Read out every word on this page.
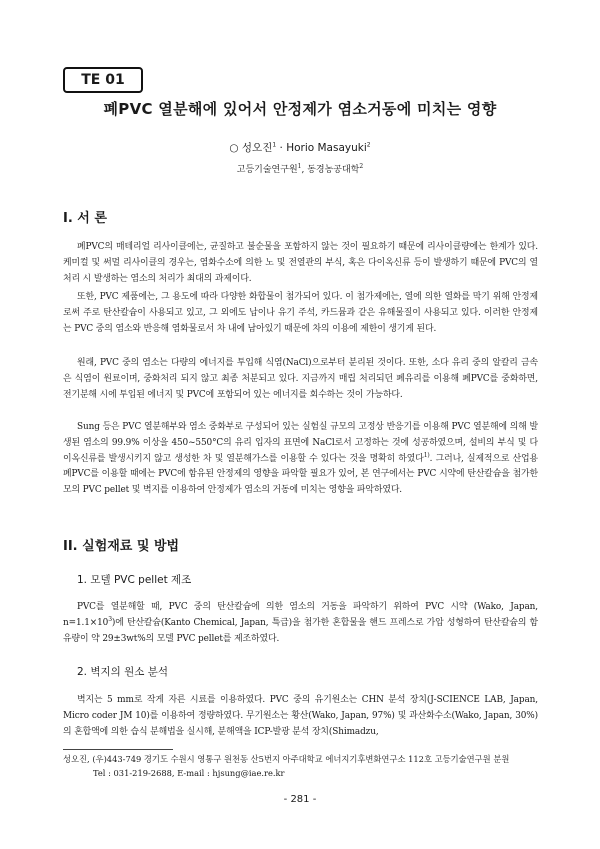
TE 01
폐PVC 열분해에 있어서 안정제가 염소거동에 미치는 영향
○ 성오진$^1$ · Horio Masayuki$^2$
고등기술연구원$^1$, 동경농공대학$^2$
I. 서 론
폐PVC의 매테리얼 리사이클에는, 균질하고 불순물을 포함하지 않는 것이 필요하기 때문에 리사이클량에는 한계가 있다. 케미컬 및 써멀 리사이클의 경우는, 염화수소에 의한 노 및 전열관의 부식, 혹은 다이옥신류 등이 발생하기 때문에 PVC의 열처리 시 발생하는 염소의 처리가 최대의 과제이다.
또한, PVC 제품에는, 그 용도에 따라 다양한 화합물이 첨가되어 있다. 이 첨가제에는, 열에 의한 열화를 막기 위해 안정제로써 주로 탄산칼슘이 사용되고 있고, 그 외에도 납이나 유기 주석, 카드뮴과 같은 유해물질이 사용되고 있다. 이러한 안정제는 PVC 중의 염소와 반응해 염화물로서 차 내에 남아있기 때문에 차의 이용에 제한이 생기게 된다.
원래, PVC 중의 염소는 다량의 에너지를 투입해 식염(NaCl)으로부터 분리된 것이다. 또한, 소다 유리 중의 알칼리 금속은 식염이 원료이며, 중화처리 되지 않고 최종 처분되고 있다. 지금까지 매립 처리되던 폐유리를 이용해 폐PVC를 중화하면, 전기분해 시에 투입된 에너지 및 PVC에 포함되어 있는 에너지를 회수하는 것이 가능하다.
Sung 등은 PVC 열분해부와 염소 중화부로 구성되어 있는 실험실 규모의 고정상 반응기를 이용해 PVC 열분해에 의해 발생된 염소의 99.9% 이상을 450~550°C의 유리 입자의 표면에 NaCl로서 고정하는 것에 성공하였으며, 설비의 부식 및 다이옥신류를 발생시키지 않고 생성한 차 및 열분해가스를 이용할 수 있다는 것을 명확히 하였다$^{1)}$. 그러나, 실제적으로 산업용 폐PVC를 이용할 때에는 PVC에 함유된 안정제의 영향을 파악할 필요가 있어, 본 연구에서는 PVC 시약에 탄산칼슘을 첨가한 모의 PVC pellet 및 벽지를 이용하여 안정제가 염소의 거동에 미치는 영향을 파악하였다.
II. 실험재료 및 방법
1. 모델 PVC pellet 제조
PVC를 열분해할 때, PVC 중의 탄산칼슘에 의한 염소의 거동을 파악하기 위하여 PVC 시약 (Wako, Japan, $n=1.1\times 10^3$)에 탄산칼슘(Kanto Chemical, Japan, 특급)을 첨가한 혼합물을 핸드 프레스로 가압 성형하여 탄산칼슘의 함유량이 약 29±3wt%의 모델 PVC pellet를 제조하였다.
2. 벽지의 원소 분석
벽지는 5 mm로 작게 자른 시료를 이용하였다. PVC 중의 유기원소는 CHN 분석 장치(J-SCIENCE LAB, Japan, Micro coder JM 10)를 이용하여 정량하였다. 무기원소는 황산(Wako, Japan, 97%) 및 과산화수소(Wako, Japan, 30%)의 혼합액에 의한 습식 분해법을 실시해, 분해액을 ICP-발광 분석 장치(Shimadzu,
성오진, (우)443-749 경기도 수원시 영통구 원천동 산5번지 아주대학교 에너지기후변화연구소 112호 고등기술연구원 분원
Tel : 031-219-2688, E-mail : hjsung@iae.re.kr
- 281 -
